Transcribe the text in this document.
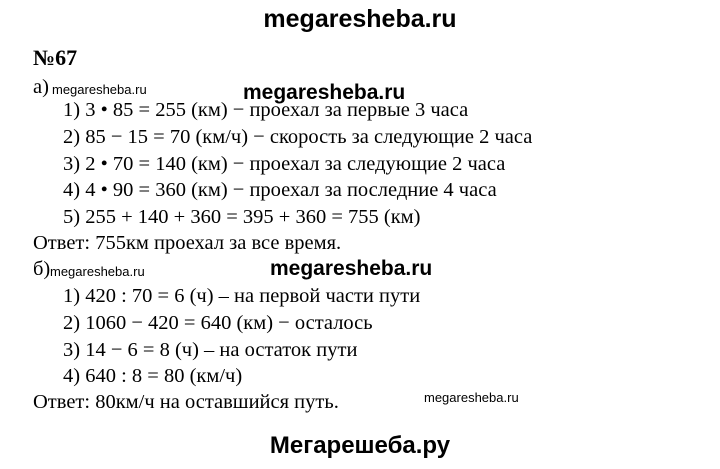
megaresheba.ru
№67
а) megaresheba.ru	megaresheba.ru
1) 3 • 85 = 255 (км) − проехал за первые 3 часа
2) 85 − 15 = 70 (км/ч) − скорость за следующие 2 часа
3) 2 • 70 = 140 (км) − проехал за следующие 2 часа
4) 4 • 90 = 360 (км) − проехал за последние 4 часа
5) 255 + 140 + 360 = 395 + 360 = 755 (км)
Ответ: 755км проехал за все время.
б) megaresheba.ru	megaresheba.ru
1) 420 : 70 = 6 (ч) – на первой части пути
2) 1060 − 420 = 640 (км) − осталось
3) 14 − 6 = 8 (ч) – на остаток пути
4) 640 : 8 = 80 (км/ч)
Ответ: 80км/ч на оставшийся путь.	megaresheba.ru
Мегарешеба.ру
